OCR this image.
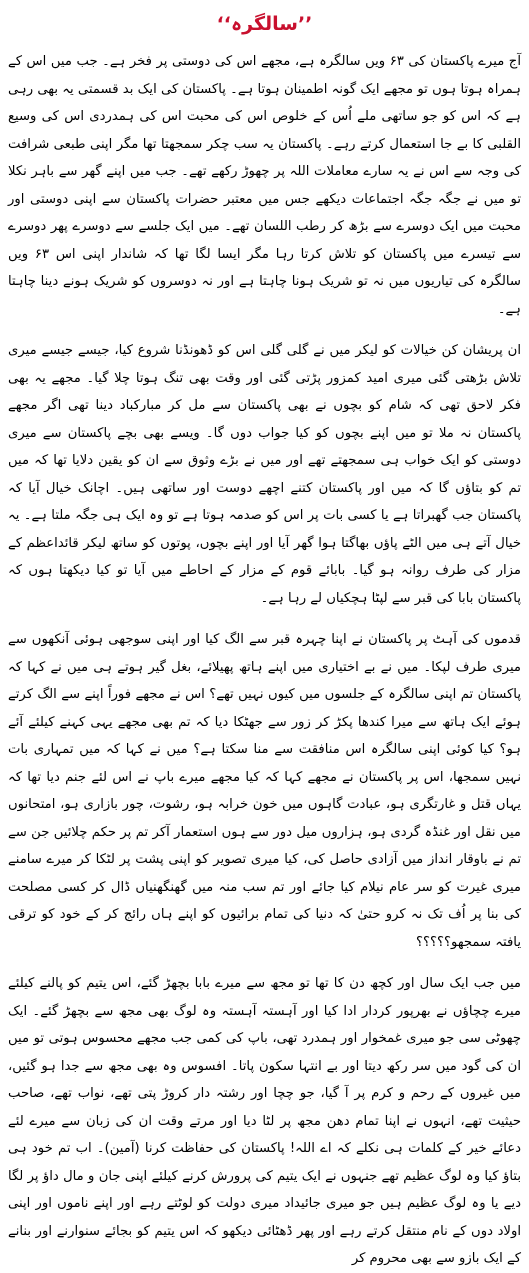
’’سالگرہ‘‘

آج میرے پاکستان کی ۶۳ ویں سالگرہ ہے، مجھے اس کی دوستی پر فخر ہے۔ جب میں اس کے ہمراہ ہوتا ہوں تو مجھے ایک گونہ اطمینان ہوتا ہے۔ پاکستان کی ایک بد قسمتی یہ بھی رہی ہے کہ اس کو جو ساتھی ملے اُس کے خلوص اس کی محبت اس کی ہمدردی اس کی وسیع القلبی کا بے جا استعمال کرتے رہے۔ پاکستان یہ سب چکر سمجھتا تھا مگر اپنی طبعی شرافت کی وجہ سے اس نے یہ سارے معاملات اللہ پر چھوڑ رکھے تھے۔ جب میں اپنے گھر سے باہر نکلا تو میں نے جگہ جگہ اجتماعات دیکھے جس میں معتبر حضرات پاکستان سے اپنی دوستی اور محبت میں ایک دوسرے سے بڑھ کر رطب اللسان تھے۔ میں ایک جلسے سے دوسرے پھر دوسرے سے تیسرے میں پاکستان کو تلاش کرتا رہا مگر ایسا لگا تھا کہ شاندار اپنی اس ۶۳ ویں سالگرہ کی تیاریوں میں نہ تو شریک ہونا چاہتا ہے اور نہ دوسروں کو شریک ہونے دینا چاہتا ہے۔

ان پریشان کن خیالات کو لیکر میں نے گلی گلی اس کو ڈھونڈنا شروع کیا، جیسے جیسے میری تلاش بڑھتی گئی میری امید کمزور پڑتی گئی اور وقت بھی تنگ ہوتا چلا گیا۔ مجھے یہ بھی فکر لاحق تھی کہ شام کو بچوں نے بھی پاکستان سے مل کر مبارکباد دینا تھی اگر مجھے پاکستان نہ ملا تو میں اپنے بچوں کو کیا جواب دوں گا۔ ویسے بھی بچے پاکستان سے میری دوستی کو ایک خواب ہی سمجھتے تھے اور میں نے بڑے وثوق سے ان کو یقین دلایا تھا کہ میں تم کو بتاؤں گا کہ میں اور پاکستان کتنے اچھے دوست اور ساتھی ہیں۔ اچانک خیال آیا کہ پاکستان جب گھبراتا ہے یا کسی بات پر اس کو صدمہ ہوتا ہے تو وہ ایک ہی جگہ ملتا ہے۔ یہ خیال آتے ہی میں الٹے پاؤں بھاگتا ہوا گھر آیا اور اپنے بچوں، پوتوں کو ساتھ لیکر قائداعظم کے مزار کی طرف روانہ ہو گیا۔ بابائے قوم کے مزار کے احاطے میں آیا تو کیا دیکھتا ہوں کہ پاکستان بابا کی قبر سے لپٹا ہچکیاں لے رہا ہے۔

قدموں کی آہٹ پر پاکستان نے اپنا چہرہ قبر سے الگ کیا اور اپنی سوجھی ہوئی آنکھوں سے میری طرف لپکا۔ میں نے بے اختیاری میں اپنے ہاتھ پھیلائے، بغل گیر ہوتے ہی میں نے کہا کہ پاکستان تم اپنی سالگرہ کے جلسوں میں کیوں نہیں تھے؟ اس نے مجھے فوراً اپنے سے الگ کرتے ہوئے ایک ہاتھ سے میرا کندھا پکڑ کر زور سے جھٹکا دیا کہ تم بھی مجھے یہی کہنے کیلئے آئے ہو؟ کیا کوئی اپنی سالگرہ اس منافقت سے منا سکتا ہے؟ میں نے کہا کہ میں تمہاری بات نہیں سمجھا، اس پر پاکستان نے مجھے کہا کہ کیا مجھے میرے باپ نے اس لئے جنم دیا تھا کہ یہاں قتل و غارتگری ہو، عبادت گاہوں میں خون خرابہ ہو، رشوت، چور بازاری ہو، امتحانوں میں نقل اور غنڈہ گردی ہو، ہزاروں میل دور سے ہوں استعمار آکر تم پر حکم چلائیں جن سے تم نے باوقار انداز میں آزادی حاصل کی، کیا میری تصویر کو اپنی پشت پر لٹکا کر میرے سامنے میری غیرت کو سر عام نیلام کیا جائے اور تم سب منہ میں گھنگھنیاں ڈال کر کسی مصلحت کی بنا پر اُف تک نہ کرو حتیٰ کہ دنیا کی تمام برائیوں کو اپنے ہاں رائج کر کے خود کو ترقی یافتہ سمجھو؟؟؟؟؟

میں جب ایک سال اور کچھ دن کا تھا تو مجھ سے میرے بابا بچھڑ گئے، اس یتیم کو پالنے کیلئے میرے چچاؤں نے بھرپور کردار ادا کیا اور آہستہ آہستہ وہ لوگ بھی مجھ سے بچھڑ گئے۔ ایک چھوٹی سی جو میری غمخوار اور ہمدرد تھی، باپ کی کمی جب مجھے محسوس ہوتی تو میں ان کی گود میں سر رکھ دیتا اور بے انتہا سکون پاتا۔ افسوس وہ بھی مجھ سے جدا ہو گئیں، میں غیروں کے رحم و کرم پر آ گیا، جو چچا اور رشتہ دار کروڑ پتی تھے، نواب تھے، صاحب حیثیت تھے، انہوں نے اپنا تمام دھن مجھ پر لٹا دیا اور مرتے وقت ان کی زبان سے میرے لئے دعائے خیر کے کلمات ہی نکلے کہ اے اللہ! پاکستان کی حفاظت کرنا (آمین)۔ اب تم خود ہی بتاؤ کیا وہ لوگ عظیم تھے جنہوں نے ایک یتیم کی پرورش کرنے کیلئے اپنی جان و مال داؤ پر لگا دیے یا وہ لوگ عظیم ہیں جو میری جائیداد میری دولت کو لوٹتے رہے اور اپنے ناموں اور اپنی اولاد دوں کے نام منتقل کرتے رہے اور پھر ڈھٹائی دیکھو کہ اس یتیم کو بجائے سنوارنے اور بنانے کے ایک بازو سے بھی محروم کر
